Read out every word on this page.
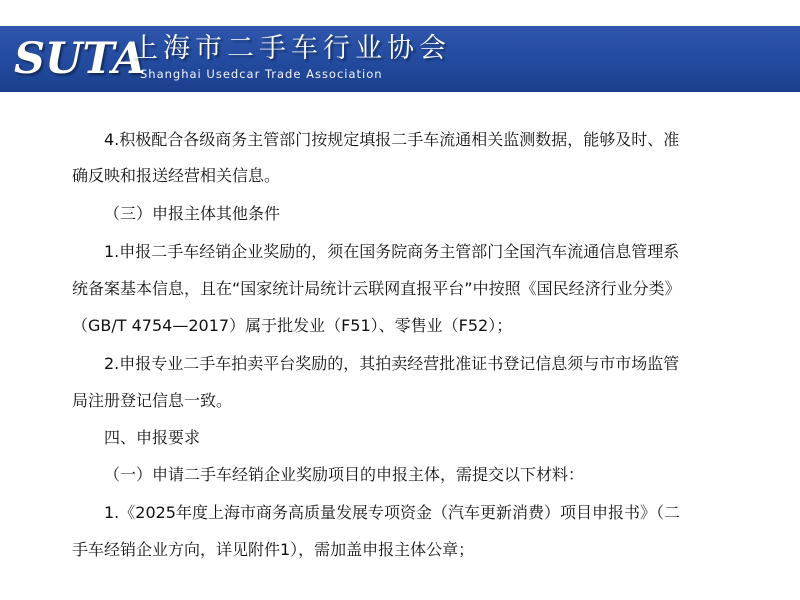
SUTA
上海市二手车行业协会
Shanghai Usedcar Trade Association
4.积极配合各级商务主管部门按规定填报二手车流通相关监测数据，能够及时、准
确反映和报送经营相关信息。
（三）申报主体其他条件
1.申报二手车经销企业奖励的，须在国务院商务主管部门全国汽车流通信息管理系
统备案基本信息，且在“国家统计局统计云联网直报平台”中按照《国民经济行业分类》
（GB/T 4754—2017）属于批发业（F51）、零售业（F52）；
2.申报专业二手车拍卖平台奖励的，其拍卖经营批准证书登记信息须与市市场监管
局注册登记信息一致。
四、申报要求
（一）申请二手车经销企业奖励项目的申报主体，需提交以下材料：
1.《2025年度上海市商务高质量发展专项资金（汽车更新消费）项目申报书》（二
手车经销企业方向，详见附件1），需加盖申报主体公章；
